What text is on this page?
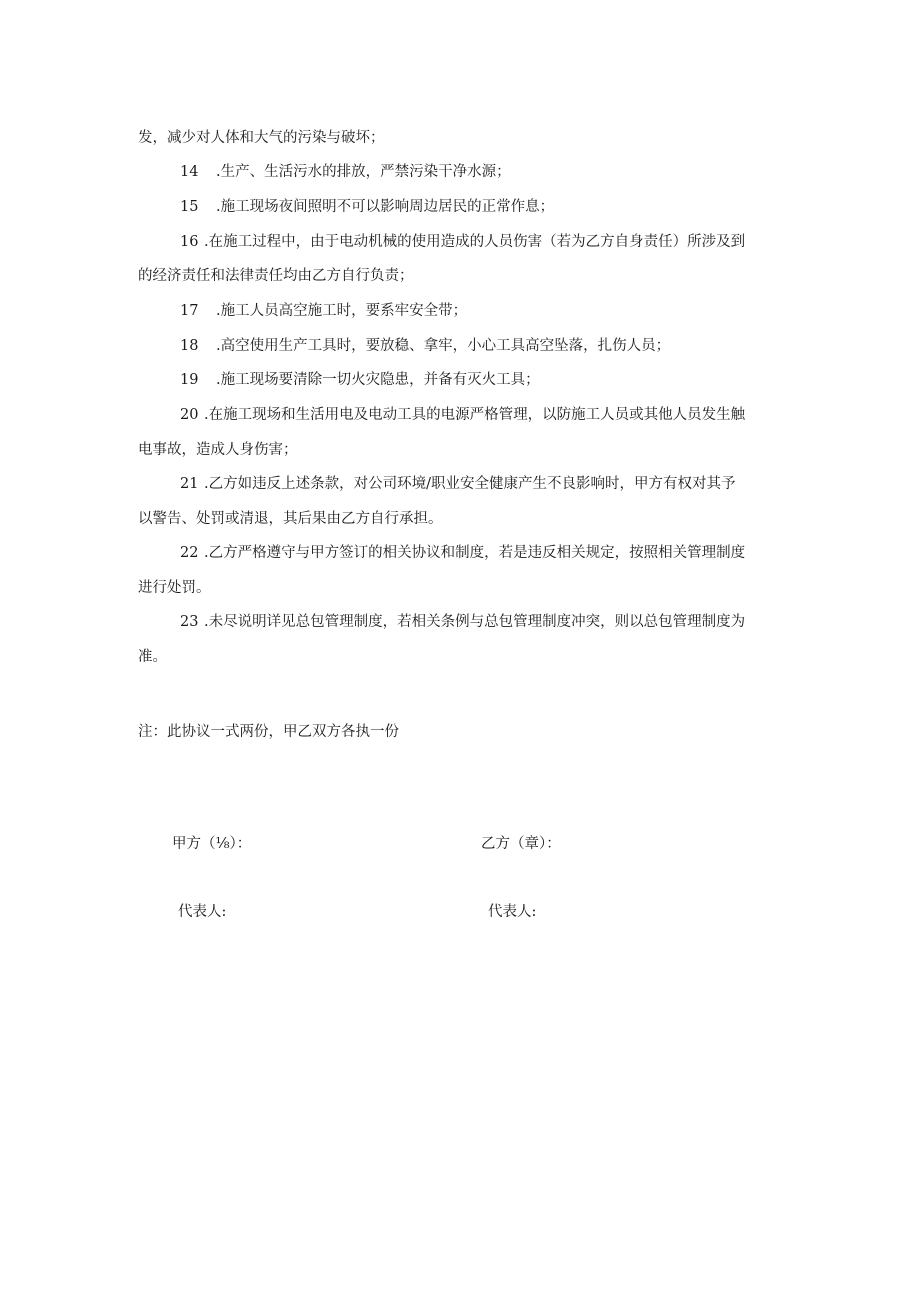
发，减少对人体和大气的污染与破坏；
14 .生产、生活污水的排放，严禁污染干净水源；
15 .施工现场夜间照明不可以影响周边居民的正常作息；
16 .在施工过程中，由于电动机械的使用造成的人员伤害（若为乙方自身责任）所涉及到
的经济责任和法律责任均由乙方自行负责；
17 .施工人员高空施工时，要系牢安全带；
18 .高空使用生产工具时，要放稳、拿牢，小心工具高空坠落，扎伤人员；
19 .施工现场要清除一切火灾隐患，并备有灭火工具；
20 .在施工现场和生活用电及电动工具的电源严格管理，以防施工人员或其他人员发生触
电事故，造成人身伤害；
21 .乙方如违反上述条款，对公司环境/职业安全健康产生不良影响时，甲方有权对其予
以警告、处罚或清退，其后果由乙方自行承担。
22 .乙方严格遵守与甲方签订的相关协议和制度，若是违反相关规定，按照相关管理制度
进行处罚。
23 .未尽说明详见总包管理制度，若相关条例与总包管理制度冲突，则以总包管理制度为
准。
注：此协议一式两份，甲乙双方各执一份
甲方（⅛）：	乙方（章）：
代表人:	代表人:
